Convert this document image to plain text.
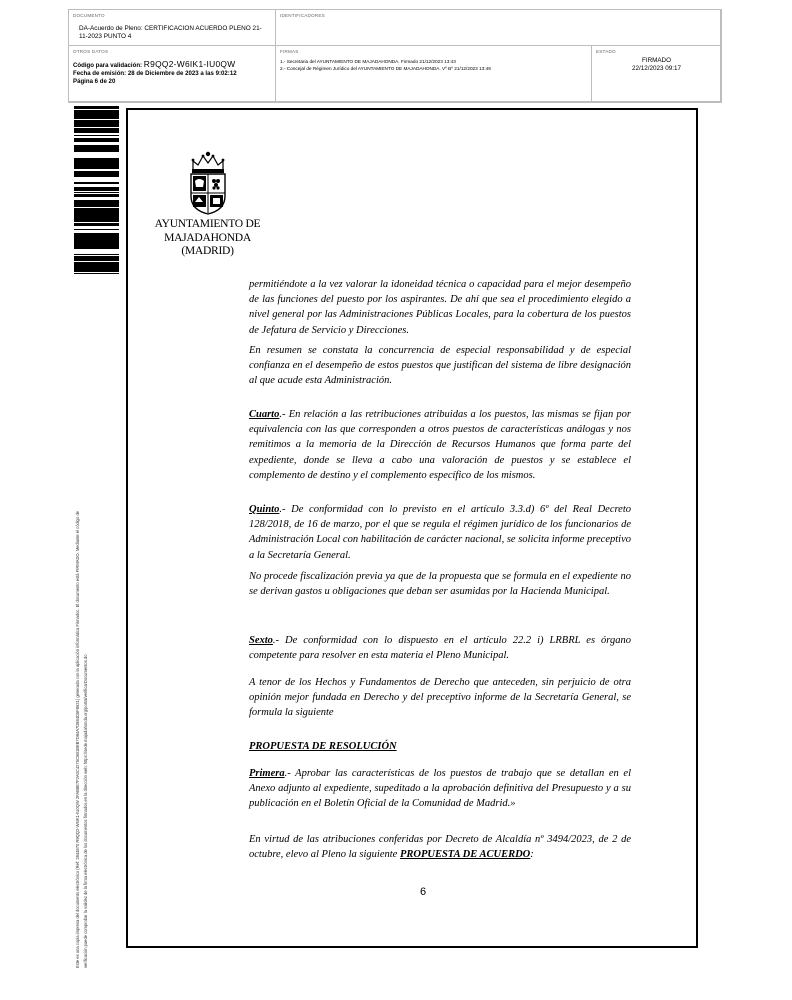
DOCUMENTO
DA-Acuerdo de Pleno: CERTIFICACION ACUERDO PLENO 21-11-2023 PUNTO 4
IDENTIFICADORES
OTROS DATOS
Código para validación: R9QQ2-W6IK1-IU0QW
Fecha de emisión: 28 de Diciembre de 2023 a las 9:02:12
Página 6 de 20
FIRMAS
1.- Secretaria del AYUNTAMIENTO DE MAJADAHONDA. Firmado 21/12/2023 13:43
2.- Concejal de Régimen Jurídico del AYUNTAMIENTO DE MAJADAHONDA. Vº Bº 21/12/2023 13:49
ESTADO
FIRMADO
22/12/2023 09:17
Este es una copia impresa del documento electrónico (Ref: 2844870 R9QQ2-W6IK1-IU0QW 2FAB8E7F2A0C4275C5B1BEB7D94A7D884D5F8621) generada con la aplicación informática Firmadoc. El documento está FIRMADO. Mediante el código de verificación puede comprobar la validez de la firma electrónica de los documentos firmados en la dirección web: https://sede.majadahonda.org/portal/verificarDocumentos.do
AYUNTAMIENTO DE
MAJADAHONDA
(MADRID)

permitiéndote a la vez valorar la idoneidad técnica o capacidad para el mejor desempeño de las funciones del puesto por los aspirantes. De ahí que sea el procedimiento elegido a nivel general por las Administraciones Públicas Locales, para la cobertura de los puestos de Jefatura de Servicio y Direcciones.

En resumen se constata la concurrencia de especial responsabilidad y de especial confianza en el desempeño de estos puestos que justifican del sistema de libre designación al que acude esta Administración.

Cuarto.- En relación a las retribuciones atribuidas a los puestos, las mismas se fijan por equivalencia con las que corresponden a otros puestos de características análogas y nos remitimos a la memoria de la Dirección de Recursos Humanos que forma parte del expediente, donde se lleva a cabo una valoración de puestos y se establece el complemento de destino y el complemento específico de los mismos.

Quinto.- De conformidad con lo previsto en el artículo 3.3.d) 6º del Real Decreto 128/2018, de 16 de marzo, por el que se regula el régimen jurídico de los funcionarios de Administración Local con habilitación de carácter nacional, se solicita informe preceptivo a la Secretaría General.

No procede fiscalización previa ya que de la propuesta que se formula en el expediente no se derivan gastos u obligaciones que deban ser asumidas por la Hacienda Municipal.

Sexto.- De conformidad con lo dispuesto en el artículo 22.2 i) LRBRL es órgano competente para resolver en esta materia el Pleno Municipal.

A tenor de los Hechos y Fundamentos de Derecho que anteceden, sin perjuicio de otra opinión mejor fundada en Derecho y del preceptivo informe de la Secretaría General, se formula la siguiente

PROPUESTA DE RESOLUCIÓN

Primera.- Aprobar las características de los puestos de trabajo que se detallan en el Anexo adjunto al expediente, supeditado a la aprobación definitiva del Presupuesto y a su publicación en el Boletín Oficial de la Comunidad de Madrid.»

En virtud de las atribuciones conferidas por Decreto de Alcaldía nº 3494/2023, de 2 de octubre, elevo al Pleno la siguiente PROPUESTA DE ACUERDO:

6
